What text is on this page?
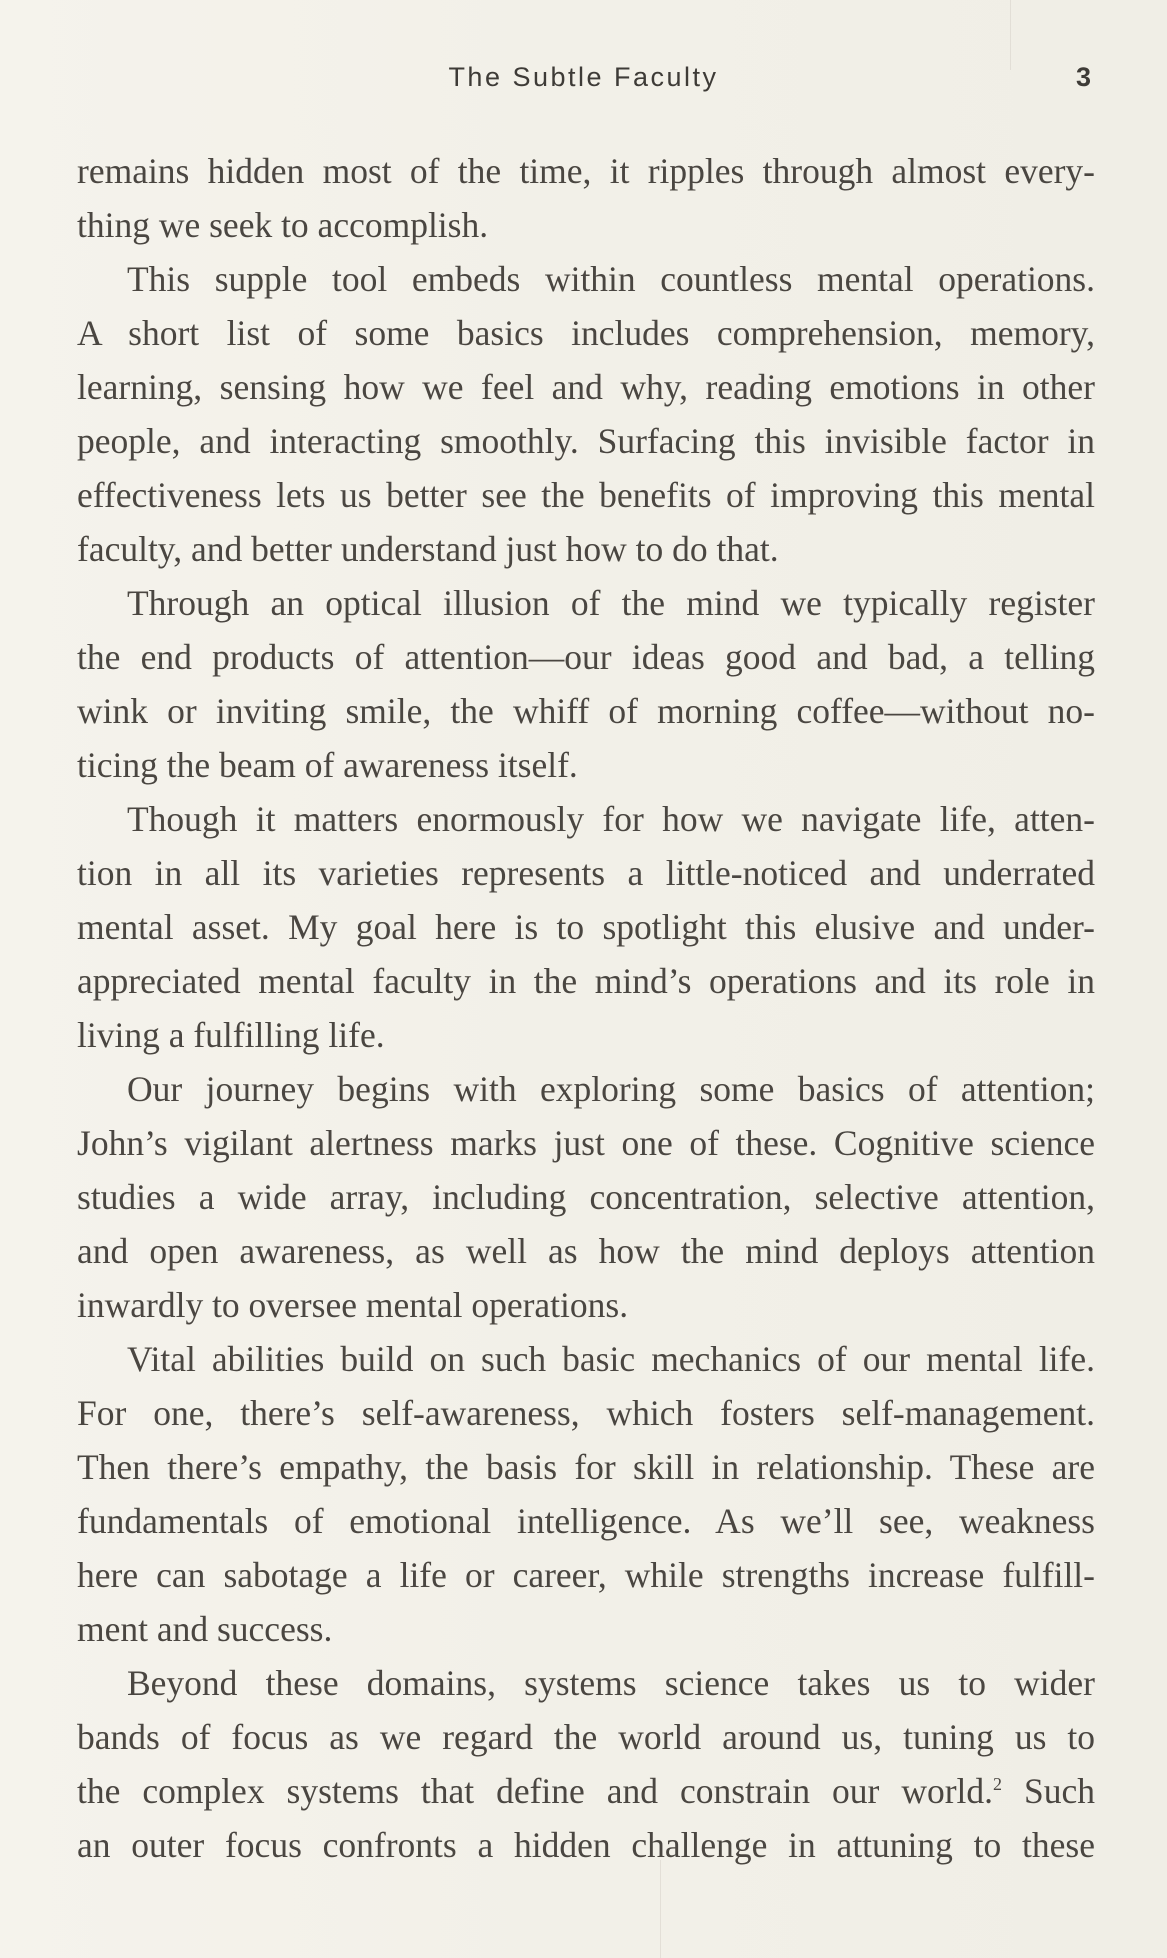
The Subtle Faculty	3
remains hidden most of the time, it ripples through almost every-
thing we seek to accomplish.
This supple tool embeds within countless mental operations.
A short list of some basics includes comprehension, memory,
learning, sensing how we feel and why, reading emotions in other
people, and interacting smoothly. Surfacing this invisible factor in
effectiveness lets us better see the benefits of improving this mental
faculty, and better understand just how to do that.
Through an optical illusion of the mind we typically register
the end products of attention—our ideas good and bad, a telling
wink or inviting smile, the whiff of morning coffee—without no-
ticing the beam of awareness itself.
Though it matters enormously for how we navigate life, atten-
tion in all its varieties represents a little-noticed and underrated
mental asset. My goal here is to spotlight this elusive and under-
appreciated mental faculty in the mind’s operations and its role in
living a fulfilling life.
Our journey begins with exploring some basics of attention;
John’s vigilant alertness marks just one of these. Cognitive science
studies a wide array, including concentration, selective attention,
and open awareness, as well as how the mind deploys attention
inwardly to oversee mental operations.
Vital abilities build on such basic mechanics of our mental life.
For one, there’s self-awareness, which fosters self-management.
Then there’s empathy, the basis for skill in relationship. These are
fundamentals of emotional intelligence. As we’ll see, weakness
here can sabotage a life or career, while strengths increase fulfill-
ment and success.
Beyond these domains, systems science takes us to wider
bands of focus as we regard the world around us, tuning us to
the complex systems that define and constrain our world.$^2$ Such
an outer focus confronts a hidden challenge in attuning to these
